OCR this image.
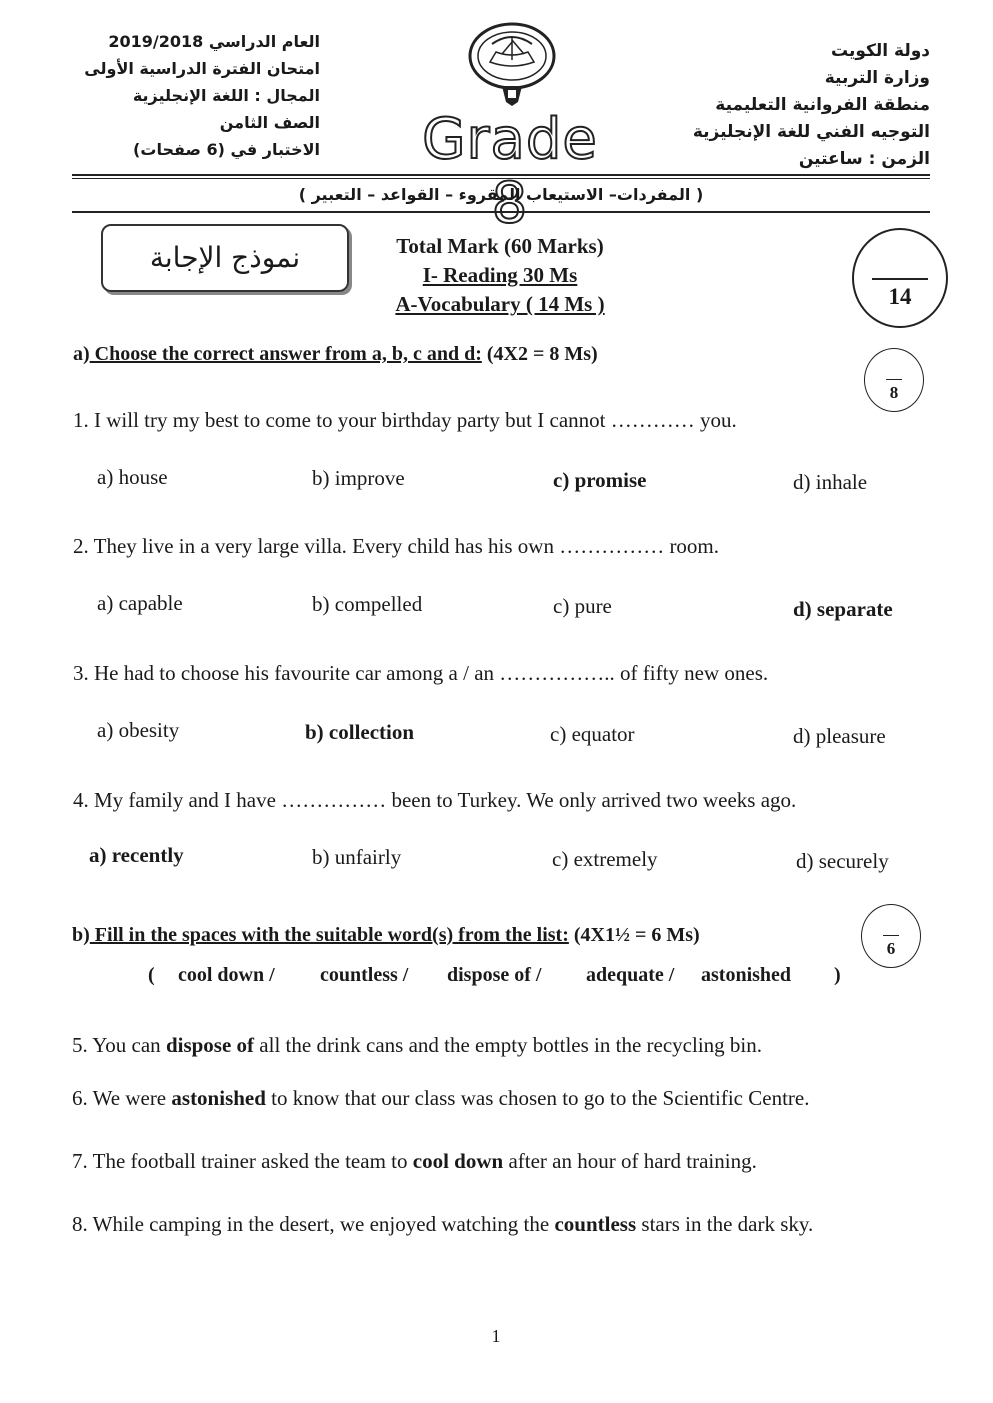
العام الدراسي 2019/2018
امتحان الفترة الدراسية الأولى
المجال : اللغة الإنجليزية
الصف الثامن
الاختبار في (6 صفحات)	Grade 8
دولة الكويت
وزارة التربية
منطقة الفروانية التعليمية
التوجيه الفني للغة الإنجليزية
الزمن : ساعتين
( المفردات– الاستيعاب المقروء – القواعد – التعبير )
نموذج الإجابة	Total Mark (60 Marks)
I- Reading 30 Ms
A-Vocabulary ( 14 Ms )	14
a) Choose the correct answer from a, b, c and d: (4X2 = 8 Ms)
8
1. I will try my best to come to your birthday party but I cannot ………… you.
a) house	b) improve	c) promise	d) inhale
2. They live in a very large villa. Every child has his own …………… room.
a) capable	b) compelled	c) pure	d) separate
3. He had to choose his favourite car among a / an …………….. of fifty new ones.
a) obesity	b) collection	c) equator	d) pleasure
4. My family and I have …………… been to Turkey. We only arrived two weeks ago.
a) recently	b) unfairly	c) extremely	d) securely
b) Fill in the spaces with the suitable word(s) from the list: (4X1½ = 6 Ms)
6
( cool down / countless / dispose of / adequate / astonished )
5. You can dispose of all the drink cans and the empty bottles in the recycling bin.
6. We were astonished to know that our class was chosen to go to the Scientific Centre.
7. The football trainer asked the team to cool down after an hour of hard training.
8. While camping in the desert, we enjoyed watching the countless stars in the dark sky.
1
